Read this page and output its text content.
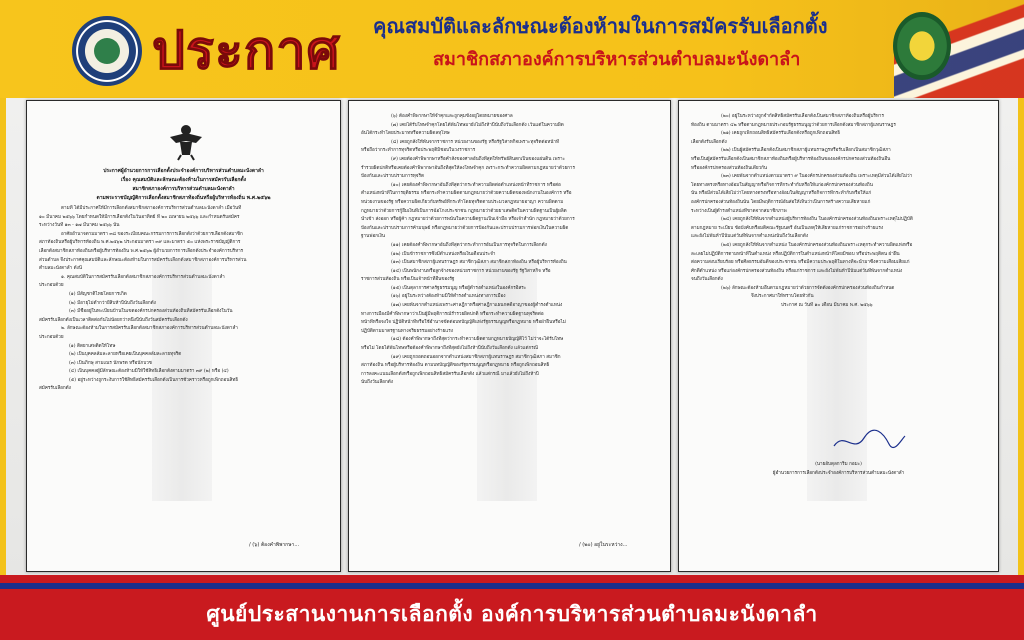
ประกาศ คุณสมบัติและลักษณะต้องห้ามในการสมัครรับเลือกตั้ง
สมาชิกสภาองค์การบริหารส่วนตำบลมะนังดาลำ
ประกาศผู้อำนวยการการเลือกตั้งประจำองค์การบริหารส่วนตำบลมะนังดาลำ
เรื่อง คุณสมบัติและลักษณะต้องห้ามในการสมัครรับเลือกตั้ง
สมาชิกสภาองค์การบริหารส่วนตำบลมะนังดาลำ
ตามพระราชบัญญัติการเลือกตั้งสมาชิกสภาท้องถิ่นหรือผู้บริหารท้องถิ่น พ.ศ.๒๕๖๒
ตามที่ ได้มีประกาศให้มีการเลือกตั้งสมาชิกสภาองค์การบริหารส่วนตำบลมะนังดาลำ เมื่อวันที่
๑๐ มีนาคม ๒๕๖๖ โดยกำหนดให้มีการเลือกตั้งในวันอาทิตย์ ที่ ๒๐ เมษายน ๒๕๖๖ และกำหนดรับสมัคร
ระหว่างวันที่ ๑๓ - ๑๗ มีนาคม ๒๕๖๖ นั้น
อาศัยอำนาจตามมาตรา ๓๘ ของระเบียบคณะกรรมการการเลือกตั้งว่าด้วยการเลือกตั้งสมาชิก
สภาท้องถิ่นหรือผู้บริหารท้องถิ่น พ.ศ.๒๕๖๒ ประกอบมาตรา ๓๙ และมาตรา ๕๐ แห่งพระราชบัญญัติการ
เลือกตั้งสมาชิกสภาท้องถิ่นหรือผู้บริหารท้องถิ่น พ.ศ.๒๕๖๒ ผู้อำนวยการการเลือกตั้งประจำองค์การบริหาร
ส่วนตำบล จึงประกาศคุณสมบัติและลักษณะต้องห้ามในการสมัครรับเลือกตั้งสมาชิกสภาองค์การบริหารส่วน
ตำบลมะนังดาลำ ดังนี้
๑. คุณสมบัติในการสมัครรับเลือกตั้งสมาชิกสภาองค์การบริหารส่วนตำบลมะนังดาลำ
ประกอบด้วย
(๑) มีสัญชาติไทยโดยการเกิด
(๒) มีอายุไม่ต่ำกว่ายี่สิบห้าปีนับถึงวันเลือกตั้ง
(๓) มีชื่ออยู่ในทะเบียนบ้านในเขตองค์กรปกครองส่วนท้องถิ่นที่สมัครรับเลือกตั้งในวัน
สมัครรับเลือกตั้งเป็นเวลาติดต่อกันไม่น้อยกว่าหนึ่งปีนับถึงวันสมัครรับเลือกตั้ง
๒. ลักษณะต้องห้ามในการสมัครรับเลือกตั้งสมาชิกสภาองค์การบริหารส่วนตำบลมะนังดาลำ
ประกอบด้วย
(๑) ติดยาเสพติดให้โทษ
(๒) เป็นบุคคลล้มละลายหรือเคยเป็นบุคคลล้มละลายทุจริต
(๓) เป็นภิกษุ สามเณร นักพรต หรือนักบวช
(๔) เป็นบุคคลผู้มีลักษณะต้องห้ามมิให้ใช้สิทธิเลือกตั้งตามมาตรา ๓๙ (๒) หรือ (๔)
(๕) อยู่ระหว่างถูกระงับการใช้สิทธิสมัครรับเลือกตั้งเป็นการชั่วคราวหรือถูกเพิกถอนสิทธิ
สมัครรับเลือกตั้ง
/ (๖) ต้องคำพิพากษา...
(๖) ต้องคำพิพากษาให้จำคุกและถูกคุมขังอยู่โดยหมายของศาล
(๗) เคยได้รับโทษจำคุกโดยได้พ้นโทษมายังไม่ถึงห้าปีนับถึงวันเลือกตั้ง เว้นแต่ในความผิด
อันได้กระทำโดยประมาทหรือความผิดลหุโทษ
(๘) เคยถูกสั่งให้พ้นจากราชการ หน่วยงานของรัฐ หรือรัฐวิสาหกิจเพราะทุจริตต่อหน้าที่
หรือถือว่ากระทำการทุจริตหรือประพฤติมิชอบในวงราชการ
(๙) เคยต้องคำพิพากษาหรือคำสั่งของศาลอันถึงที่สุดให้ทรัพย์สินตกเป็นของแผ่นดิน เพราะ
ร่ำรวยผิดปกติหรือเคยต้องคำพิพากษาอันถึงที่สุดให้ลงโทษจำคุก เพราะกระทำความผิดตามกฎหมายว่าด้วยการ
ป้องกันและปราบปรามการทุจริต
(๑๐) เคยต้องคำพิพากษาอันถึงที่สุดว่ากระทำความผิดต่อตำแหน่งหน้าที่ราชการ หรือต่อ
ตำแหน่งหน้าที่ในการยุติธรรม หรือกระทำความผิดตามกฎหมายว่าด้วยความผิดของพนักงานในองค์การ หรือ
หน่วยงานของรัฐ หรือความผิดเกี่ยวกับทรัพย์ที่กระทำโดยทุจริตตามประมวลกฎหมายอาญา ความผิดตาม
กฎหมายว่าด้วยการกู้ยืมเงินที่เป็นการฉ้อโกงประชาชน กฎหมายว่าด้วยยาเสพติดในความผิดฐานเป็นผู้ผลิต
นำเข้า ส่งออก หรือผู้ค้า กฎหมายว่าด้วยการพนันในความผิดฐานเป็นเจ้ามือ หรือเจ้าสำนัก กฎหมายว่าด้วยการ
ป้องกันและปราบปรามการค้ามนุษย์ หรือกฎหมายว่าด้วยการป้องกันและปราบปรามการฟอกเงินในความผิด
ฐานฟอกเงิน
(๑๑) เคยต้องคำพิพากษาอันถึงที่สุดว่ากระทำการอันเป็นการทุจริตในการเลือกตั้ง
(๑๒) เป็นข้าราชการซึ่งมีตำแหน่งหรือเงินเดือนประจำ
(๑๓) เป็นสมาชิกสภาผู้แทนราษฎร สมาชิกวุฒิสภา สมาชิกสภาท้องถิ่น หรือผู้บริหารท้องถิ่น
(๑๔) เป็นพนักงานหรือลูกจ้างของหน่วยราชการ หน่วยงานของรัฐ รัฐวิสาหกิจ หรือ
ราชการส่วนท้องถิ่น หรือเป็นเจ้าหน้าที่อื่นของรัฐ
(๑๕) เป็นตุลาการศาลรัฐธรรมนูญ หรือผู้ดำรงตำแหน่งในองค์กรอิสระ
(๑๖) อยู่ในระหว่างต้องห้ามมิให้ดำรงตำแหน่งทางการเมือง
(๑๗) เคยพ้นจากตำแหน่งเพราะศาลฎีกาหรือศาลฎีกาแผนกคดีอาญาของผู้ดำรงตำแหน่ง
ทางการเมืองมีคำพิพากษาว่าเป็นผู้มีพฤติการณ์ร่ำรวยผิดปกติ หรือกระทำความผิดฐานทุจริตต่อ
หน้าที่หรือจงใจ ปฏิบัติหน้าที่หรือใช้อำนาจขัดต่อบทบัญญัติแห่งรัฐธรรมนูญหรือกฎหมาย หรือฝ่าฝืนหรือไม่
ปฏิบัติตามมาตรฐานทางจริยธรรมอย่างร้ายแรง
(๑๘) ต้องคำพิพากษาถึงที่สุดว่ากระทำความผิดตามกฎหมายบัญญัติไว้ ไม่ว่าจะได้รับโทษ
หรือไม่ โดยได้พ้นโทษหรือต้องคำพิพากษาถึงที่สุดยังไม่ถึงห้าปีนับถึงวันเลือกตั้ง แล้วแต่กรณี
(๑๙) เคยถูกถอดถอนออกจากตำแหน่งสมาชิกสภาผู้แทนราษฎร สมาชิกวุฒิสภา สมาชิก
สภาท้องถิ่น หรือผู้บริหารท้องถิ่น ตามบทบัญญัติของรัฐธรรมนูญหรือกฎหมาย หรือถูกเพิกถอนสิทธิ
การลงคะแนนเลือกตั้งหรือถูกเพิกถอนสิทธิสมัครรับเลือกตั้ง แล้วแต่กรณี มาแล้วยังไม่ถึงห้าปี
นับถึงวันเลือกตั้ง
/ (๒๐) อยู่ในระหว่าง...
(๒๐) อยู่ในระหว่างถูกจำกัดสิทธิสมัครรับเลือกตั้งเป็นสมาชิกสภาท้องถิ่นหรือผู้บริหาร
ท้องถิ่น ตามมาตรา ๔๒ หรือตามกฎหมายประกอบรัฐธรรมนูญว่าด้วยการเลือกตั้งสมาชิกสภาผู้แทนราษฎร
(๒๑) เคยถูกเพิกถอนสิทธิสมัครรับเลือกตั้งหรือถูกเพิกถอนสิทธิ
เลือกตั้งรับเลือกตั้ง
(๒๒) เป็นผู้สมัครรับเลือกตั้งเป็นสมาชิกสภาผู้แทนราษฎรหรือรับเลือกเป็นสมาชิกวุฒิสภา
หรือเป็นผู้สมัครรับเลือกตั้งเป็นสมาชิกสภาท้องถิ่นหรือผู้บริหารท้องถิ่นขององค์กรปกครองส่วนท้องถิ่นอื่น
หรือองค์กรปกครองส่วนท้องถิ่นเดียวกัน
(๒๓) เคยพ้นจากตำแหน่งตามมาตรา ๙ ในองค์กรปกครองส่วนท้องถิ่น เพราะเหตุมีส่วนได้เสียไม่ว่า
โดยทางตรงหรือทางอ้อมในสัญญาหรือกิจการที่กระทำกับหรือให้แก่องค์กรปกครองส่วนท้องถิ่น
นั้น หรือมีส่วนได้เสียไม่ว่าโดยทางตรงหรือทางอ้อมในสัญญาหรือกิจการที่กระทำกับหรือให้แก่
องค์กรปกครองส่วนท้องถิ่นนั้น โดยมีพฤติการณ์อันส่อให้เห็นว่าเป็นการสร้างความเสียหายแก่
ระหว่างเป็นผู้ดำรงตำแหน่งที่ขาดจากสมาชิกภาพ
(๒๔) เคยถูกสั่งให้พ้นจากตำแหน่งผู้บริหารท้องถิ่น ในองค์กรปกครองส่วนท้องถิ่นเพราะเหตุไม่ปฏิบัติ
ตามกฎหมาย ระเบียบ ข้อบังคับหรือมติคณะรัฐมนตรี อันเป็นเหตุให้เสียหายแก่ราชการอย่างร้ายแรง
และยังไม่พ้นห้าปีนับแต่วันที่พ้นจากตำแหน่งนับถึงวันเลือกตั้ง
(๒๕) เคยถูกสั่งให้พ้นจากตำแหน่ง ในองค์กรปกครองส่วนท้องถิ่นเพราะเหตุกระทำความผิดแห่งหรือ
ละเลยไม่ปฏิบัติการตามหน้าที่ในตำแหน่ง หรือปฏิบัติการในตำแหน่งหน้าที่โดยมิชอบ หรือประพฤติตน ฝ่าฝืน
ต่อความสงบเรียบร้อย หรือศีลธรรมอันดีของประชาชน หรือมีความประพฤติในทางที่จะนำมาซึ่งความเสื่อมเสียแก่
ศักดิ์ตำแหน่ง หรือแก่องค์กรปกครองส่วนท้องถิ่น หรือแก่ราชการ และยังไม่พ้นห้าปีนับแต่วันที่พ้นจากตำแหน่ง
จนถึงวันเลือกตั้ง
(๒๖) ลักษณะต้องห้ามอื่นตามกฎหมายว่าด้วยการจัดตั้งองค์กรปกครองส่วนท้องถิ่นกำหนด
จึงประกาศมาให้ทราบโดยทั่วกัน
ประกาศ ณ วันที่ ๑๐ เดือน มีนาคม พ.ศ. ๒๕๖๖
(นายอับดุลการิม กอมะ)
ผู้อำนวยการการเลือกตั้งประจำองค์การบริหารส่วนตำบลมะนังดาลำ
ศูนย์ประสานงานการเลือกตั้ง องค์การบริหารส่วนตำบลมะนังดาลำ
